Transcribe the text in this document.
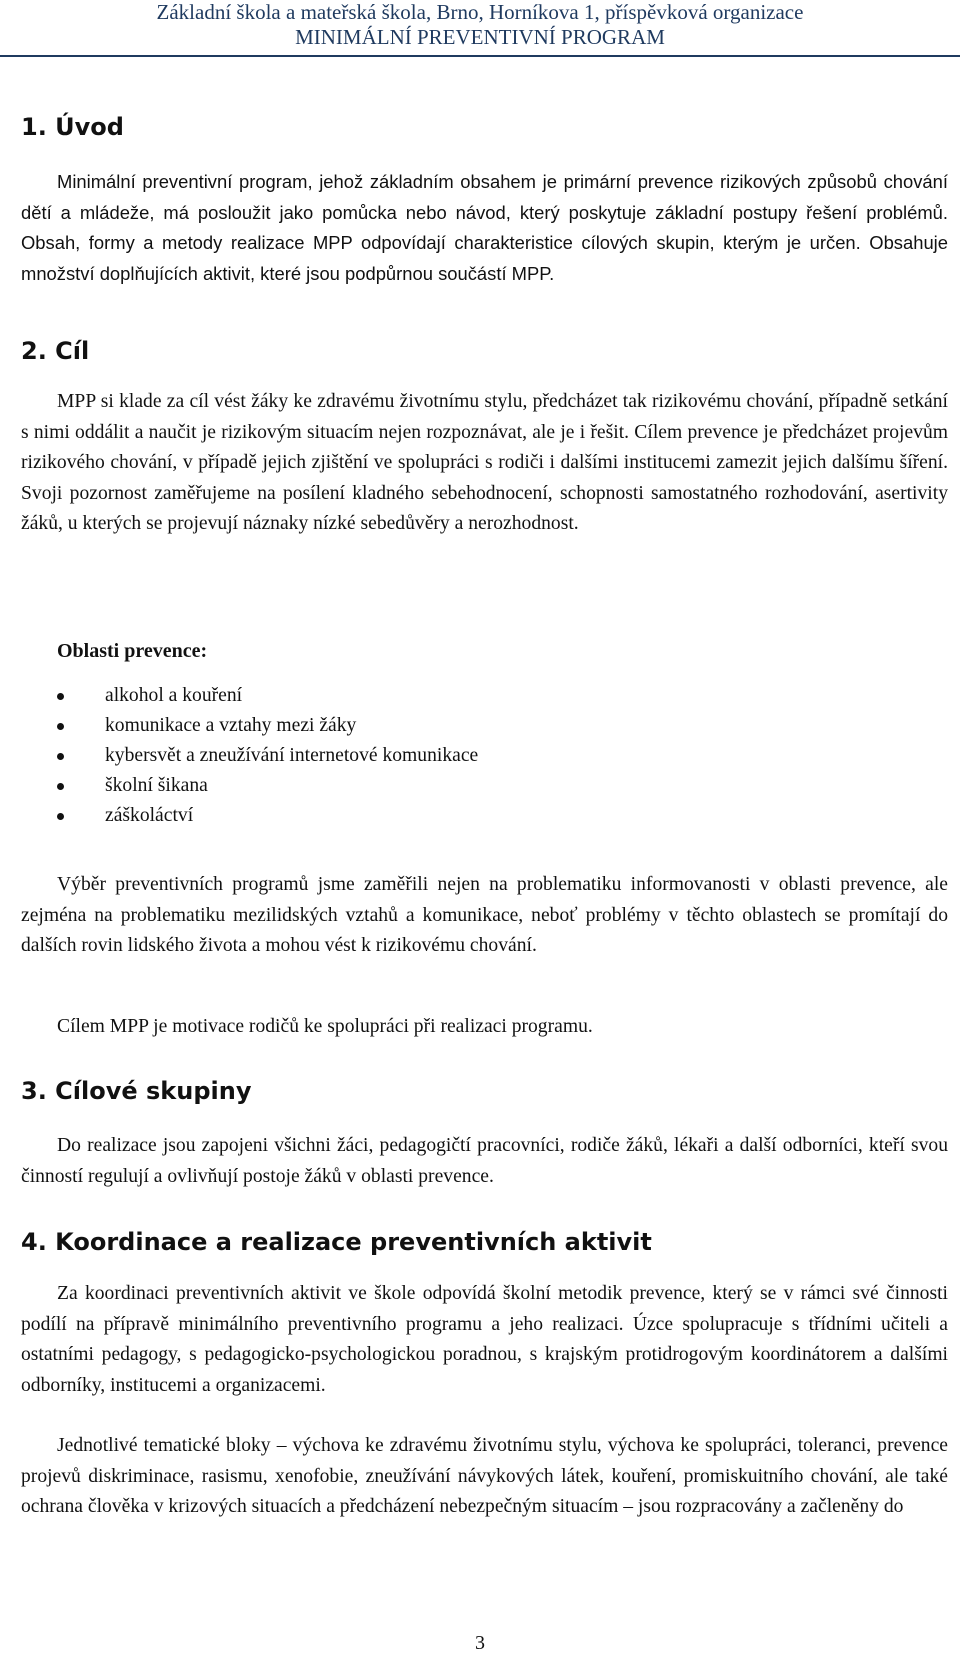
Základní škola a mateřská škola, Brno, Horníkova 1, příspěvková organizace
MINIMÁLNÍ PREVENTIVNÍ PROGRAM
1. Úvod

Minimální preventivní program, jehož základním obsahem je primární prevence rizikových způsobů chování dětí a mládeže, má posloužit jako pomůcka nebo návod, který poskytuje základní postupy řešení problémů. Obsah, formy a metody realizace MPP odpovídají charakteristice cílových skupin, kterým je určen. Obsahuje množství doplňujících aktivit, které jsou podpůrnou součástí MPP.

2. Cíl

MPP si klade za cíl vést žáky ke zdravému životnímu stylu, předcházet tak rizikovému chování, případně setkání s nimi oddálit a naučit je rizikovým situacím nejen rozpoznávat, ale je i řešit. Cílem prevence je předcházet projevům rizikového chování, v případě jejich zjištění ve spolupráci s rodiči i dalšími institucemi zamezit jejich dalšímu šíření. Svoji pozornost zaměřujeme na posílení kladného sebehodnocení, schopnosti samostatného rozhodování, asertivity žáků, u kterých se projevují náznaky nízké sebedůvěry a nerozhodnost.

Oblasti prevence:

alkohol a kouření
komunikace a vztahy mezi žáky
kybersvět a zneužívání internetové komunikace
školní šikana
záškoláctví

Výběr preventivních programů jsme zaměřili nejen na problematiku informovanosti v oblasti prevence, ale zejména na problematiku mezilidských vztahů a komunikace, neboť problémy v těchto oblastech se promítají do dalších rovin lidského života a mohou vést k rizikovému chování.

Cílem MPP je motivace rodičů ke spolupráci při realizaci programu.

3. Cílové skupiny

Do realizace jsou zapojeni všichni žáci, pedagogičtí pracovníci, rodiče žáků, lékaři a další odborníci, kteří svou činností regulují a ovlivňují postoje žáků v oblasti prevence.

4. Koordinace a realizace preventivních aktivit

Za koordinaci preventivních aktivit ve škole odpovídá školní metodik prevence, který se v rámci své činnosti podílí na přípravě minimálního preventivního programu a jeho realizaci. Úzce spolupracuje s třídními učiteli a ostatními pedagogy, s pedagogicko-psychologickou poradnou, s krajským protidrogovým koordinátorem a dalšími odborníky, institucemi a organizacemi.

Jednotlivé tematické bloky – výchova ke zdravému životnímu stylu, výchova ke spolupráci, toleranci, prevence projevů diskriminace, rasismu, xenofobie, zneužívání návykových látek, kouření, promiskuitního chování, ale také ochrana člověka v krizových situacích a předcházení nebezpečným situacím – jsou rozpracovány a začleněny do

3
